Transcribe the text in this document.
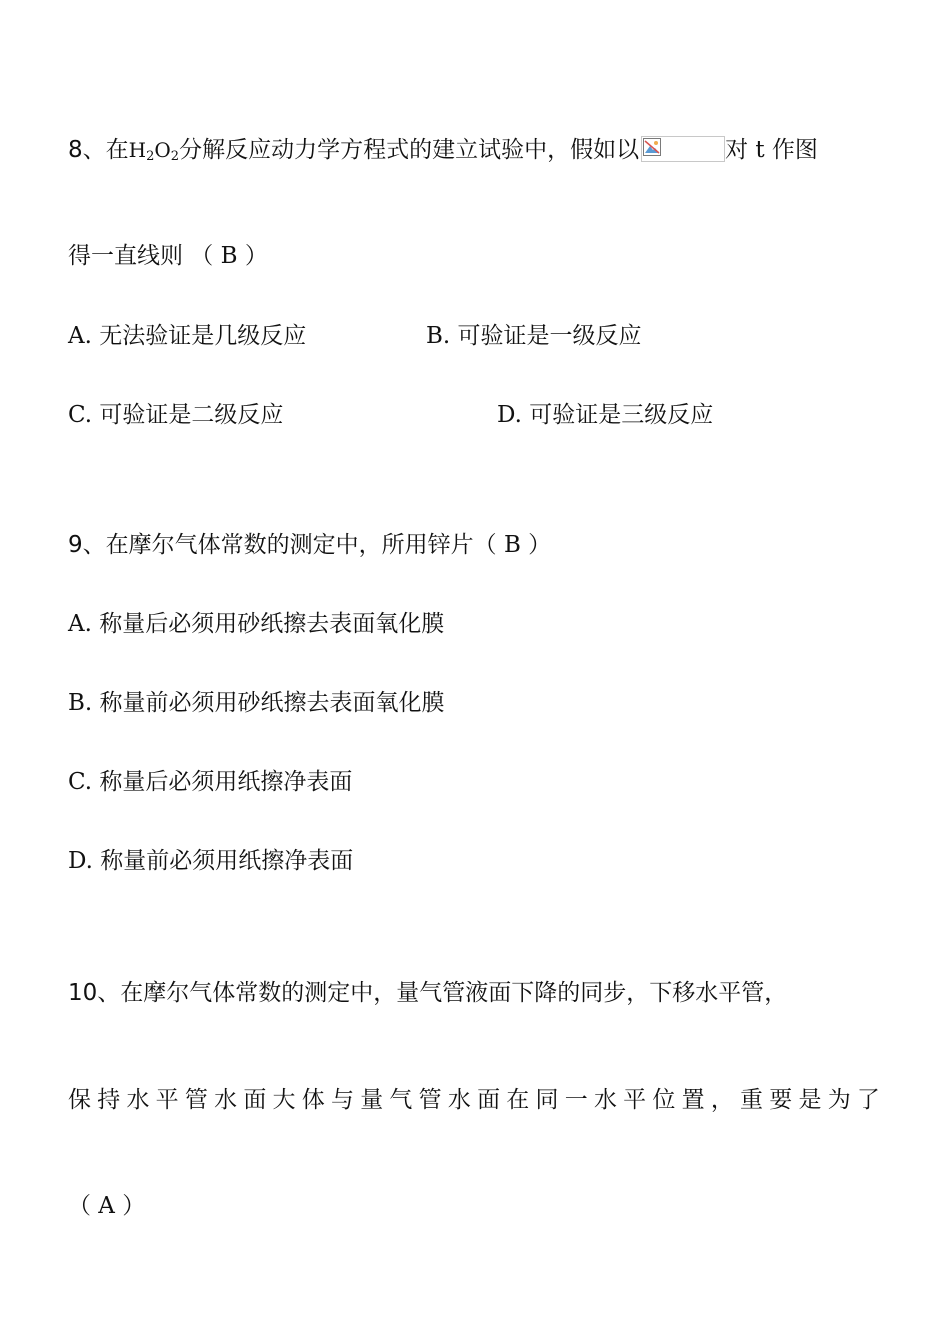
8、在$H_2O_2$分解反应动力学方程式的建立试验中，假如以	对 t 作图
得一直线则 （ B ）
A. 无法验证是几级反应	B. 可验证是一级反应
C. 可验证是二级反应	D. 可验证是三级反应
9、在摩尔气体常数的测定中，所用锌片（ B ）
A. 称量后必须用砂纸擦去表面氧化膜
B. 称量前必须用砂纸擦去表面氧化膜
C. 称量后必须用纸擦净表面
D. 称量前必须用纸擦净表面
10、在摩尔气体常数的测定中，量气管液面下降的同步，下移水平管，
保 持 水 平 管 水 面 大 体 与 量 气 管 水 面 在 同 一 水 平 位 置 ， 重 要 是 为 了
（ A ）
